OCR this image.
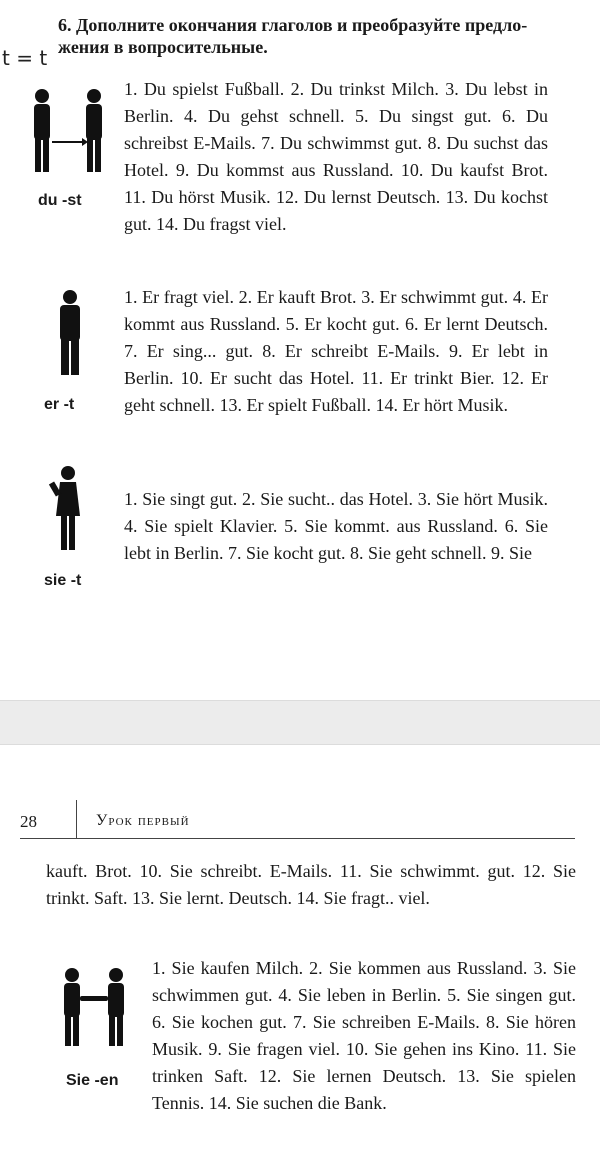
t = t
6. Дополните окончания глаголов и преобразуйте предло-жения в вопросительные.
du -st

1. Du spielst Fußball. 2. Du trinkst Milch. 3. Du lebst in Berlin. 4. Du gehst schnell. 5. Du singst gut. 6. Du schreibst E-Mails. 7. Du schwimmst gut. 8. Du suchst das Hotel. 9. Du kommst aus Russland. 10. Du kaufst Brot. 11. Du hörst Musik. 12. Du lernst Deutsch. 13. Du kochst gut. 14. Du fragst viel.

er -t

1. Er fragt viel. 2. Er kauft Brot. 3. Er schwimmt gut. 4. Er kommt aus Russland. 5. Er kocht gut. 6. Er lernt Deutsch. 7. Er sing... gut. 8. Er schreibt E-Mails. 9. Er lebt in Berlin. 10. Er sucht das Hotel. 11. Er trinkt Bier. 12. Er geht schnell. 13. Er spielt Fußball. 14. Er hört Musik.

sie -t

1. Sie singt gut. 2. Sie sucht.. das Hotel. 3. Sie hört Musik. 4. Sie spielt Klavier. 5. Sie kommt. aus Russland. 6. Sie lebt in Berlin. 7. Sie kocht gut. 8. Sie geht schnell. 9. Sie

28	Урок первый
kauft. Brot. 10. Sie schreibt. E-Mails. 11. Sie schwimmt. gut. 12. Sie trinkt. Saft. 13. Sie lernt. Deutsch. 14. Sie fragt.. viel.
Sie -en
1. Sie kaufen Milch. 2. Sie kommen aus Russland. 3. Sie schwimmen gut. 4. Sie leben in Berlin. 5. Sie singen gut. 6. Sie kochen gut. 7. Sie schreiben E-Mails. 8. Sie hören Musik. 9. Sie fragen viel. 10. Sie gehen ins Kino. 11. Sie trinken Saft. 12. Sie lernen Deutsch. 13. Sie spielen Tennis. 14. Sie suchen die Bank.
